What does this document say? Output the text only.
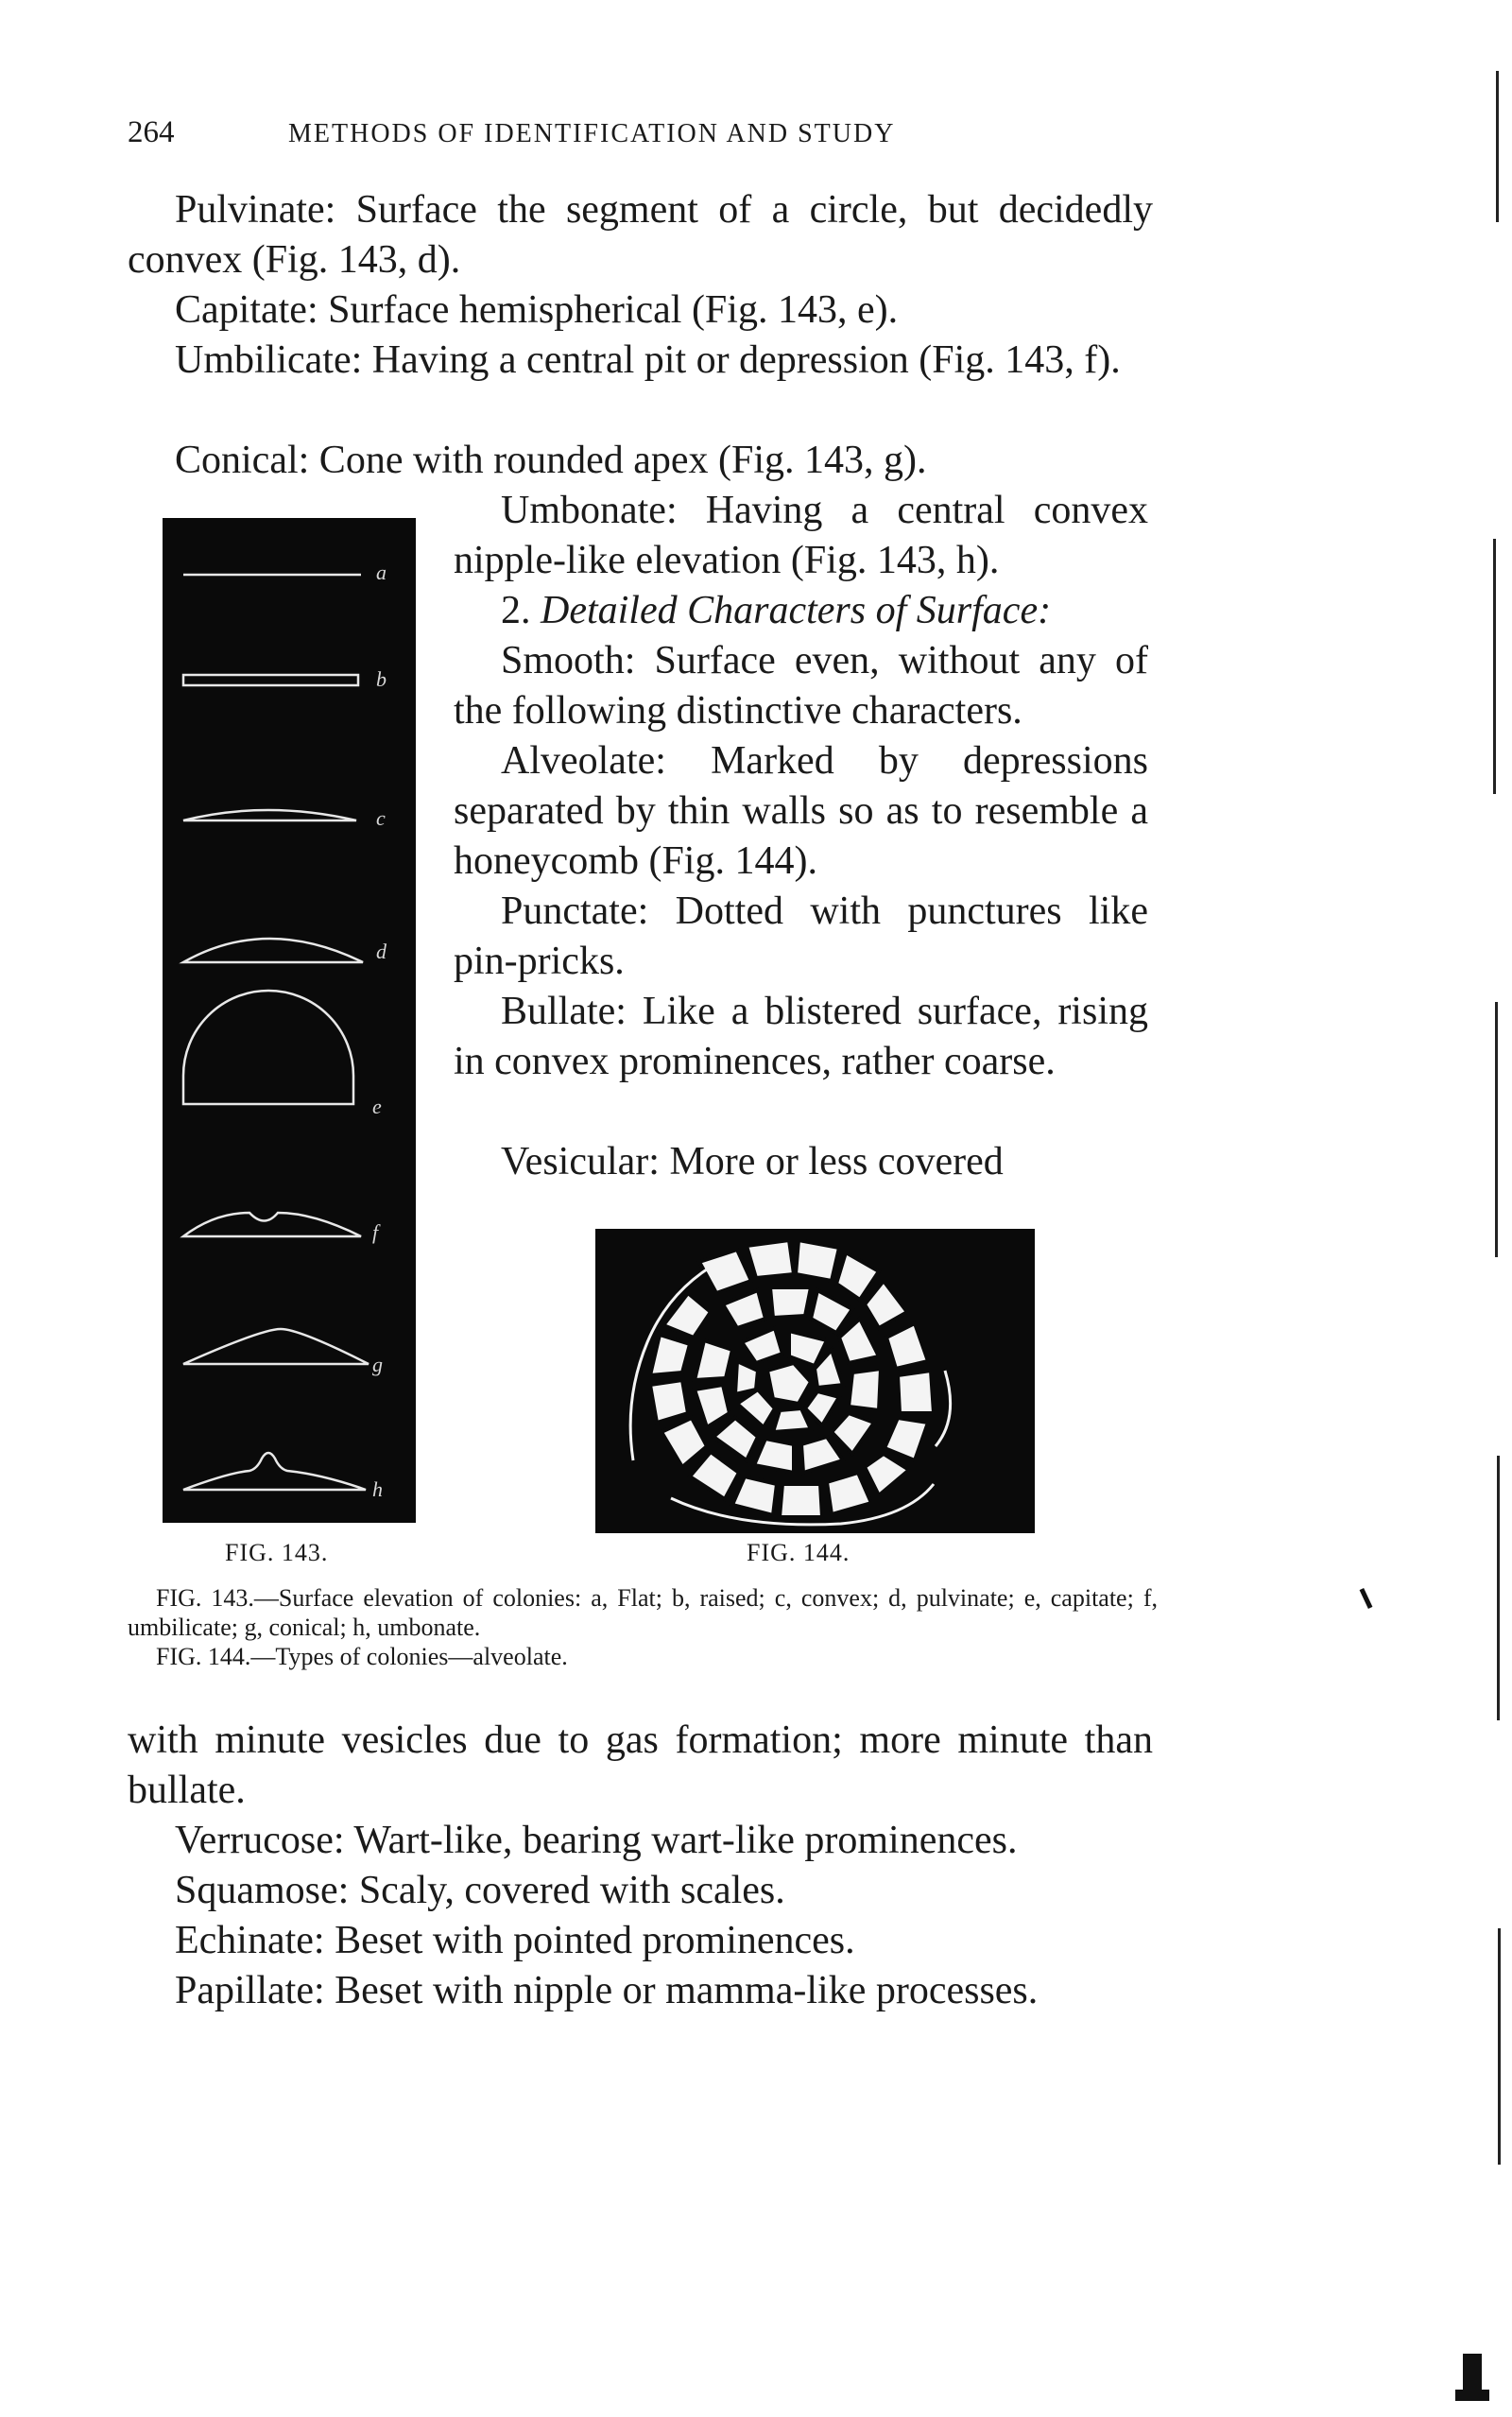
264	METHODS OF IDENTIFICATION AND STUDY

Pulvinate: Surface the segment of a circle, but decidedly convex (Fig. 143, d).

Capitate: Surface hemispherical (Fig. 143, e).

Umbilicate: Having a central pit or depression (Fig. 143, f).

Conical: Cone with rounded apex (Fig. 143, g).

Umbonate: Having a central convex nipple-like elevation (Fig. 143, h).

2. Detailed Characters of Surface:

Smooth: Surface even, without any of the following distinctive characters.

Alveolate: Marked by depressions separated by thin walls so as to resemble a honeycomb (Fig. 144).

Punctate: Dotted with punctures like pin-pricks.

Bullate: Like a blistered surface, rising in convex prominences, rather coarse.

Vesicular: More or less covered

a
b
c
d
e
f
g
h
FIG. 143.	FIG. 144.

FIG. 143.—Surface elevation of colonies: a, Flat; b, raised; c, convex; d, pulvinate; e, capitate; f, umbilicate; g, conical; h, umbonate.

FIG. 144.—Types of colonies—alveolate.

with minute vesicles due to gas formation; more minute than bullate.

Verrucose: Wart-like, bearing wart-like prominences.

Squamose: Scaly, covered with scales.

Echinate: Beset with pointed prominences.

Papillate: Beset with nipple or mamma-like processes.
